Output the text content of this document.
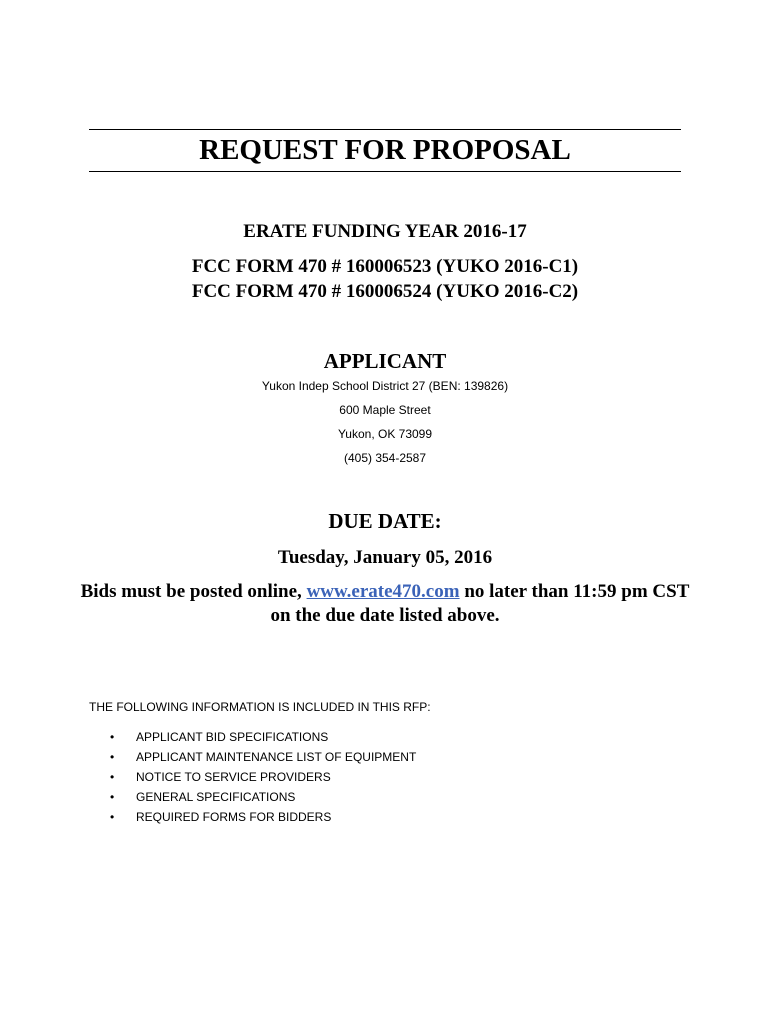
REQUEST FOR PROPOSAL
ERATE FUNDING YEAR 2016-17
FCC FORM 470 # 160006523 (YUKO 2016-C1)
FCC FORM 470 # 160006524 (YUKO 2016-C2)
APPLICANT
Yukon Indep School District 27 (BEN: 139826)
600 Maple Street
Yukon, OK 73099
(405) 354-2587
DUE DATE:
Tuesday, January 05, 2016
Bids must be posted online, www.erate470.com no later than 11:59 pm CST on the due date listed above.
THE FOLLOWING INFORMATION IS INCLUDED IN THIS RFP:
• APPLICANT BID SPECIFICATIONS
• APPLICANT MAINTENANCE LIST OF EQUIPMENT
• NOTICE TO SERVICE PROVIDERS
• GENERAL SPECIFICATIONS
• REQUIRED FORMS FOR BIDDERS
